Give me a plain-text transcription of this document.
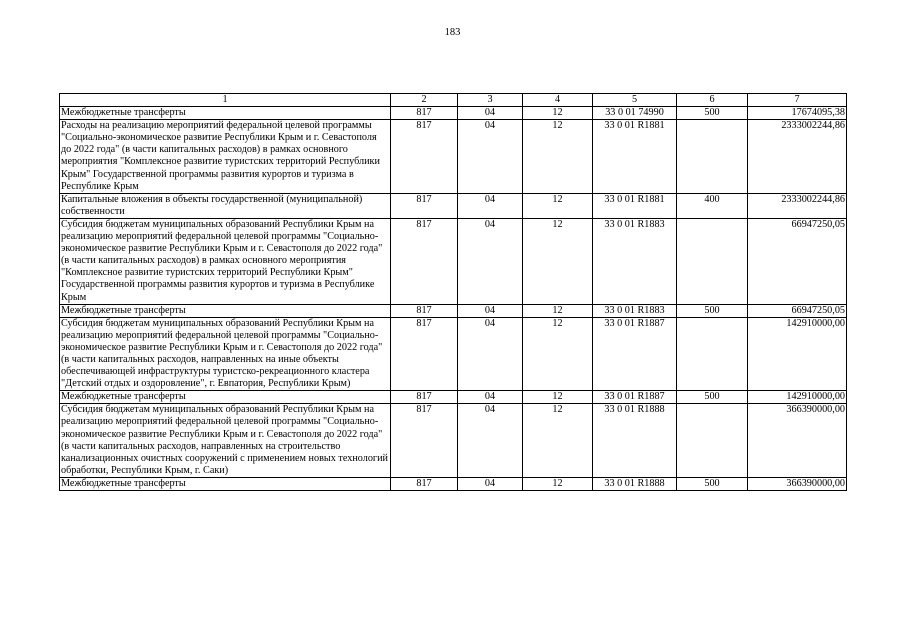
183
1	2	3	4	5	6	7
Межбюджетные трансферты	817	04	12	33 0 01 74990	500	17674095,38
Расходы на реализацию мероприятий федеральной целевой программы "Социально-экономическое развитие Республики Крым и г. Севастополя до 2022 года" (в части капитальных расходов) в рамках основного мероприятия "Комплексное развитие туристских территорий Республики Крым" Государственной программы развития курортов и туризма в Республике Крым	817	04	12	33 0 01 R1881		2333002244,86
Капитальные вложения в объекты государственной (муниципальной) собственности	817	04	12	33 0 01 R1881	400	2333002244,86
Субсидия бюджетам муниципальных образований Республики Крым на реализацию мероприятий федеральной целевой программы "Социально-экономическое развитие Республики Крым и г. Севастополя до 2022 года" (в части капитальных расходов) в рамках основного мероприятия "Комплексное развитие туристских территорий Республики Крым" Государственной программы развития курортов и туризма в Республике Крым	817	04	12	33 0 01 R1883		66947250,05
Межбюджетные трансферты	817	04	12	33 0 01 R1883	500	66947250,05
Субсидия бюджетам муниципальных образований Республики Крым на реализацию мероприятий федеральной целевой программы "Социально-экономическое развитие Республики Крым и г. Севастополя до 2022 года" (в части капитальных расходов, направленных на иные объекты обеспечивающей инфраструктуры туристско-рекреационного кластера "Детский отдых и оздоровление", г. Евпатория, Республики Крым)	817	04	12	33 0 01 R1887		142910000,00
Межбюджетные трансферты	817	04	12	33 0 01 R1887	500	142910000,00
Субсидия бюджетам муниципальных образований Республики Крым на реализацию мероприятий федеральной целевой программы "Социально-экономическое развитие Республики Крым и г. Севастополя до 2022 года" (в части капитальных расходов, направленных на строительство канализационных очистных сооружений с применением новых технологий обработки, Республики Крым, г. Саки)	817	04	12	33 0 01 R1888		366390000,00
Межбюджетные трансферты	817	04	12	33 0 01 R1888	500	366390000,00
